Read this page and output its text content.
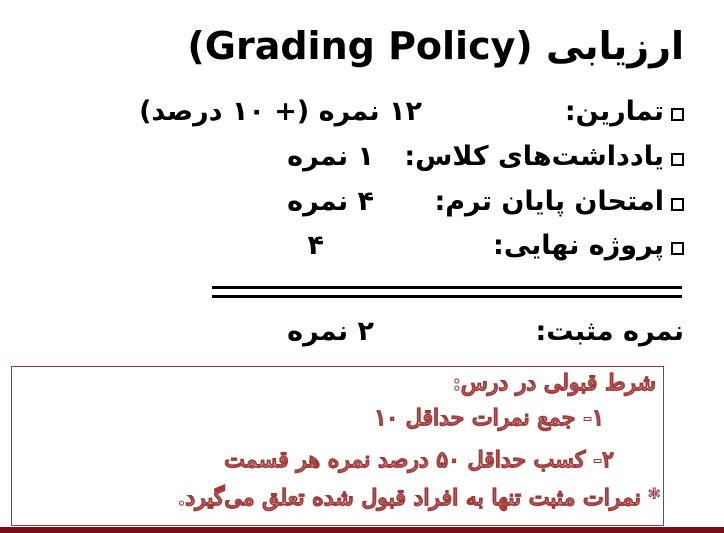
ارزیابی (Grading Policy)
تمارین:
۱۲ نمره (+ ۱۰ درصد)
یادداشت‌های کلاس:
۱ نمره
امتحان پایان ترم:
۴ نمره
پروژه نهایی:
۴
نمره مثبت:
۲ نمره
شرط قبولی در درس:
۱- جمع نمرات حداقل ۱۰
۲- کسب حداقل ۵۰ درصد نمره هر قسمت
* نمرات مثبت تنها به افراد قبول شده تعلق می‌گیرد.
